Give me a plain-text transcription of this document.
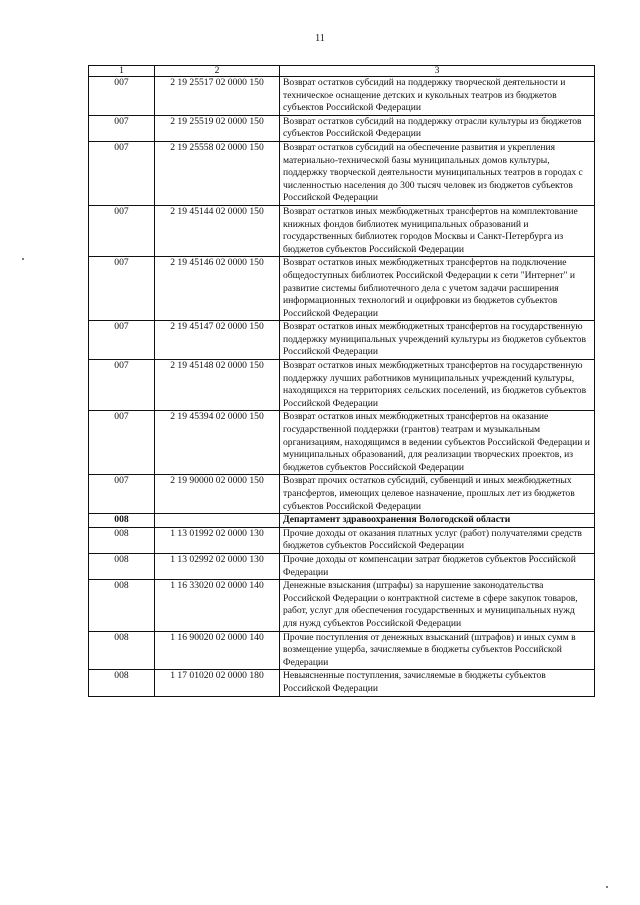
11
1	2	3
007	2 19 25517 02 0000 150	Возврат остатков субсидий на поддержку творческой деятельности и техническое оснащение детских и кукольных театров из бюджетов субъектов Российской Федерации
007	2 19 25519 02 0000 150	Возврат остатков субсидий на поддержку отрасли культуры из бюджетов субъектов Российской Федерации
007	2 19 25558 02 0000 150	Возврат остатков субсидий на обеспечение развития и укрепления материально-технической базы муниципальных домов культуры, поддержку творческой деятельности муниципальных театров в городах с численностью населения до 300 тысяч человек из бюджетов субъектов Российской Федерации
007	2 19 45144 02 0000 150	Возврат остатков иных межбюджетных трансфертов на комплектование книжных фондов библиотек муниципальных образований и государственных библиотек городов Москвы и Санкт-Петербурга из бюджетов субъектов Российской Федерации
007	2 19 45146 02 0000 150	Возврат остатков иных межбюджетных трансфертов на подключение общедоступных библиотек Российской Федерации к сети "Интернет" и развитие системы библиотечного дела с учетом задачи расширения информационных технологий и оцифровки из бюджетов субъектов Российской Федерации
007	2 19 45147 02 0000 150	Возврат остатков иных межбюджетных трансфертов на государственную поддержку муниципальных учреждений культуры из бюджетов субъектов Российской Федерации
007	2 19 45148 02 0000 150	Возврат остатков иных межбюджетных трансфертов на государственную поддержку лучших работников муниципальных учреждений культуры, находящихся на территориях сельских поселений, из бюджетов субъектов Российской Федерации
007	2 19 45394 02 0000 150	Возврат остатков иных межбюджетных трансфертов на оказание государственной поддержки (грантов) театрам и музыкальным организациям, находящимся в ведении субъектов Российской Федерации и муниципальных образований, для реализации творческих проектов, из бюджетов субъектов Российской Федерации
007	2 19 90000 02 0000 150	Возврат прочих остатков субсидий, субвенций и иных межбюджетных трансфертов, имеющих целевое назначение, прошлых лет из бюджетов субъектов Российской Федерации
008		Департамент здравоохранения Вологодской области
008	1 13 01992 02 0000 130	Прочие доходы от оказания платных услуг (работ) получателями средств бюджетов субъектов Российской Федерации
008	1 13 02992 02 0000 130	Прочие доходы от компенсации затрат бюджетов субъектов Российской Федерации
008	1 16 33020 02 0000 140	Денежные взыскания (штрафы) за нарушение законодательства Российской Федерации о контрактной системе в сфере закупок товаров, работ, услуг для обеспечения государственных и муниципальных нужд для нужд субъектов Российской Федерации
008	1 16 90020 02 0000 140	Прочие поступления от денежных взысканий (штрафов) и иных сумм в возмещение ущерба, зачисляемые в бюджеты субъектов Российской Федерации
008	1 17 01020 02 0000 180	Невыясненные поступления, зачисляемые в бюджеты субъектов Российской Федерации
